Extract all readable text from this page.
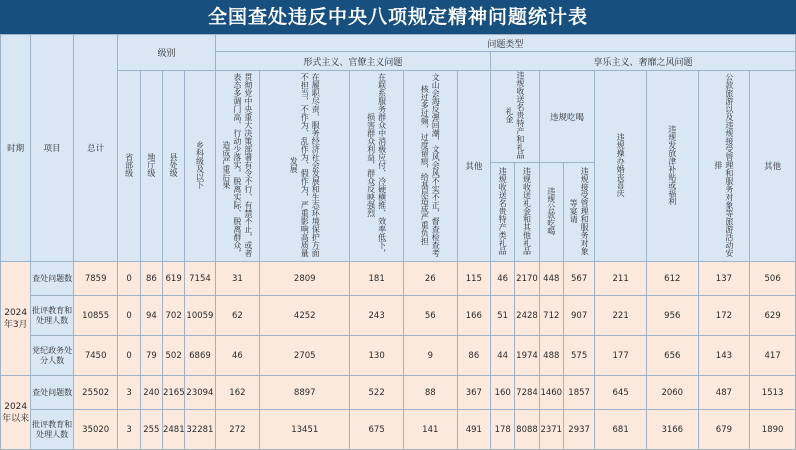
全国查处违反中央八项规定精神问题统计表
时期	项目	总计	级别				问题类型												
							形式主义、官僚主义问题					享乐主义、奢靡之风问题							
			省部级	地厅级	县处级	乡科级及以下	贯彻党中央重大决策部署有令不行、有禁不止，或者表态多调门高、行动少落实，脱离实际、脱离群众，造成严重后果	在履职尽责、服务经济社会发展和生态环境保护方面不担当、不作为、乱作为、假作为，严重影响高质量发展	在联系服务群众中消极应付、冷硬横推、效率低下，损害群众利益，群众反映强烈	文山会海反弹回潮，文风会风不实不正，督查检查考核过多过频、过度留痕，给基层造成严重负担	其他	违规收送名贵特产和礼品礼金		违规吃喝		违规操办婚丧喜庆	违规发放津补贴或福利	公款旅游以及违规接受管理和服务对象等旅游活动安排	其他
												违规收送名贵特产类礼品	违规收送礼金和其他礼品	违规公款吃喝	违规接受管理和服务对象等宴请				
2024年3月	查处问题数	7859	0	86	619	7154	31	2809	181	26	115	46	2170	448	567	211	612	137	506
	批评教育和处理人数	10855	0	94	702	10059	62	4252	243	56	166	51	2428	712	907	221	956	172	629
	党纪政务处分人数	7450	0	79	502	6869	46	2705	130	9	86	44	1974	488	575	177	656	143	417
2024年以来	查处问题数	25502	3	240	2165	23094	162	8897	522	88	367	160	7284	1460	1857	645	2060	487	1513
	批评教育和处理人数	35020	3	255	2481	32281	272	13451	675	141	491	178	8088	2371	2937	681	3166	679	1890
